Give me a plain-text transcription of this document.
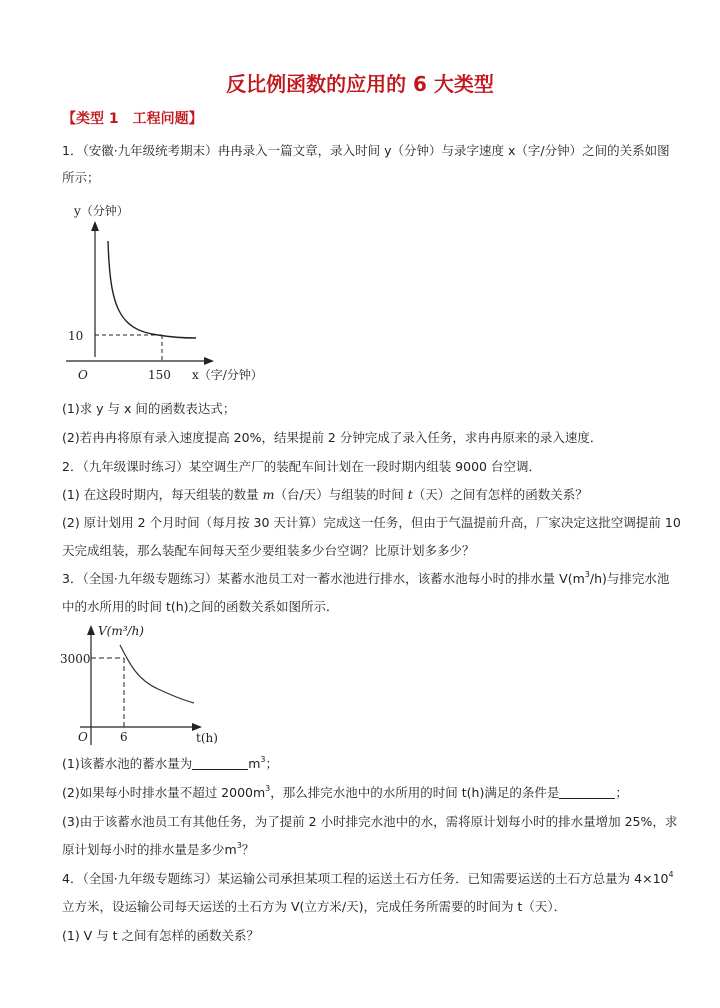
反比例函数的应用的 6 大类型
【类型 1　工程问题】
1．（安徽·九年级统考期末）冉冉录入一篇文章，录入时间 y（分钟）与录字速度 x（字/分钟）之间的关系如图
所示；
y（分钟）
10
O	150 x（字/分钟）
(1)求 y 与 x 间的函数表达式；
(2)若冉冉将原有录入速度提高 20%，结果提前 2 分钟完成了录入任务，求冉冉原来的录入速度．
2．（九年级课时练习）某空调生产厂的装配车间计划在一段时期内组装 9000 台空调．
(1) 在这段时期内，每天组装的数量 m（台/天）与组装的时间 t（天）之间有怎样的函数关系？
(2) 原计划用 2 个月时间（每月按 30 天计算）完成这一任务，但由于气温提前升高，厂家决定这批空调提前 10
天完成组装，那么装配车间每天至少要组装多少台空调？比原计划多多少？
3．（全国·九年级专题练习）某蓄水池员工对一蓄水池进行排水，该蓄水池每小时的排水量 $V(m^3/h)$与排完水池
中的水所用的时间 t(h)之间的函数关系如图所示．
V(m³/h)
3000
O	6	t(h)
(1)该蓄水池的蓄水量为	$m^3$；
(2)如果每小时排水量不超过 $2000m^3$，那么排完水池中的水所用的时间 t(h)满足的条件是	；
(3)由于该蓄水池员工有其他任务，为了提前 2 小时排完水池中的水，需将原计划每小时的排水量增加 25%，求
原计划每小时的排水量是多少$m^3$？
4．（全国·九年级专题练习）某运输公司承担某项工程的运送土石方任务．已知需要运送的土石方总量为 $4\times 10^4$
立方米，设运输公司每天运送的土石方为 V(立方米/天)，完成任务所需要的时间为 t（天）．
(1) V 与 t 之间有怎样的函数关系？
